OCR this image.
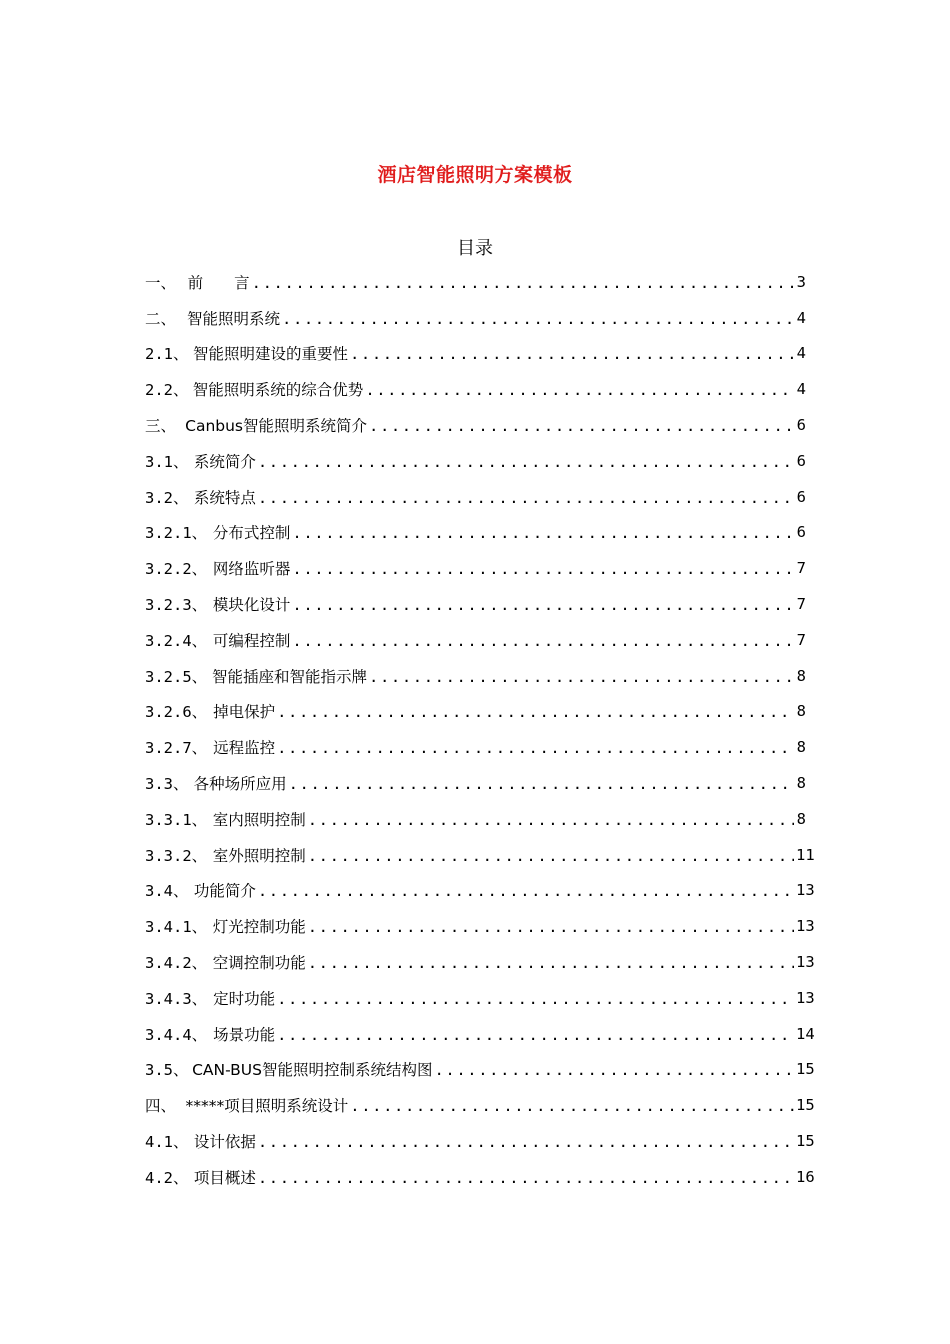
酒店智能照明方案模板
目录
一、 前　　言 .....	3
二、 智能照明系统 .....	4
2.1、 智能照明建设的重要性 .....	4
2.2、 智能照明系统的综合优势 .....	4
三、 Canbus智能照明系统简介 .....	6
3.1、 系统简介 .....	6
3.2、 系统特点 .....	6
3.2.1、 分布式控制 .....	6
3.2.2、 网络监听器 .....	7
3.2.3、 模块化设计 .....	7
3.2.4、 可编程控制 .....	7
3.2.5、 智能插座和智能指示牌 .....	8
3.2.6、 掉电保护 .....	8
3.2.7、 远程监控 .....	8
3.3、 各种场所应用 .....	8
3.3.1、 室内照明控制 .....	8
3.3.2、 室外照明控制 .....	11
3.4、 功能简介 .....	13
3.4.1、 灯光控制功能 .....	13
3.4.2、 空调控制功能 .....	13
3.4.3、 定时功能 .....	13
3.4.4、 场景功能 .....	14
3.5、 CAN-BUS智能照明控制系统结构图 .....	15
四、 *****项目照明系统设计 .....	15
4.1、 设计依据 .....	15
4.2、 项目概述 .....	16
